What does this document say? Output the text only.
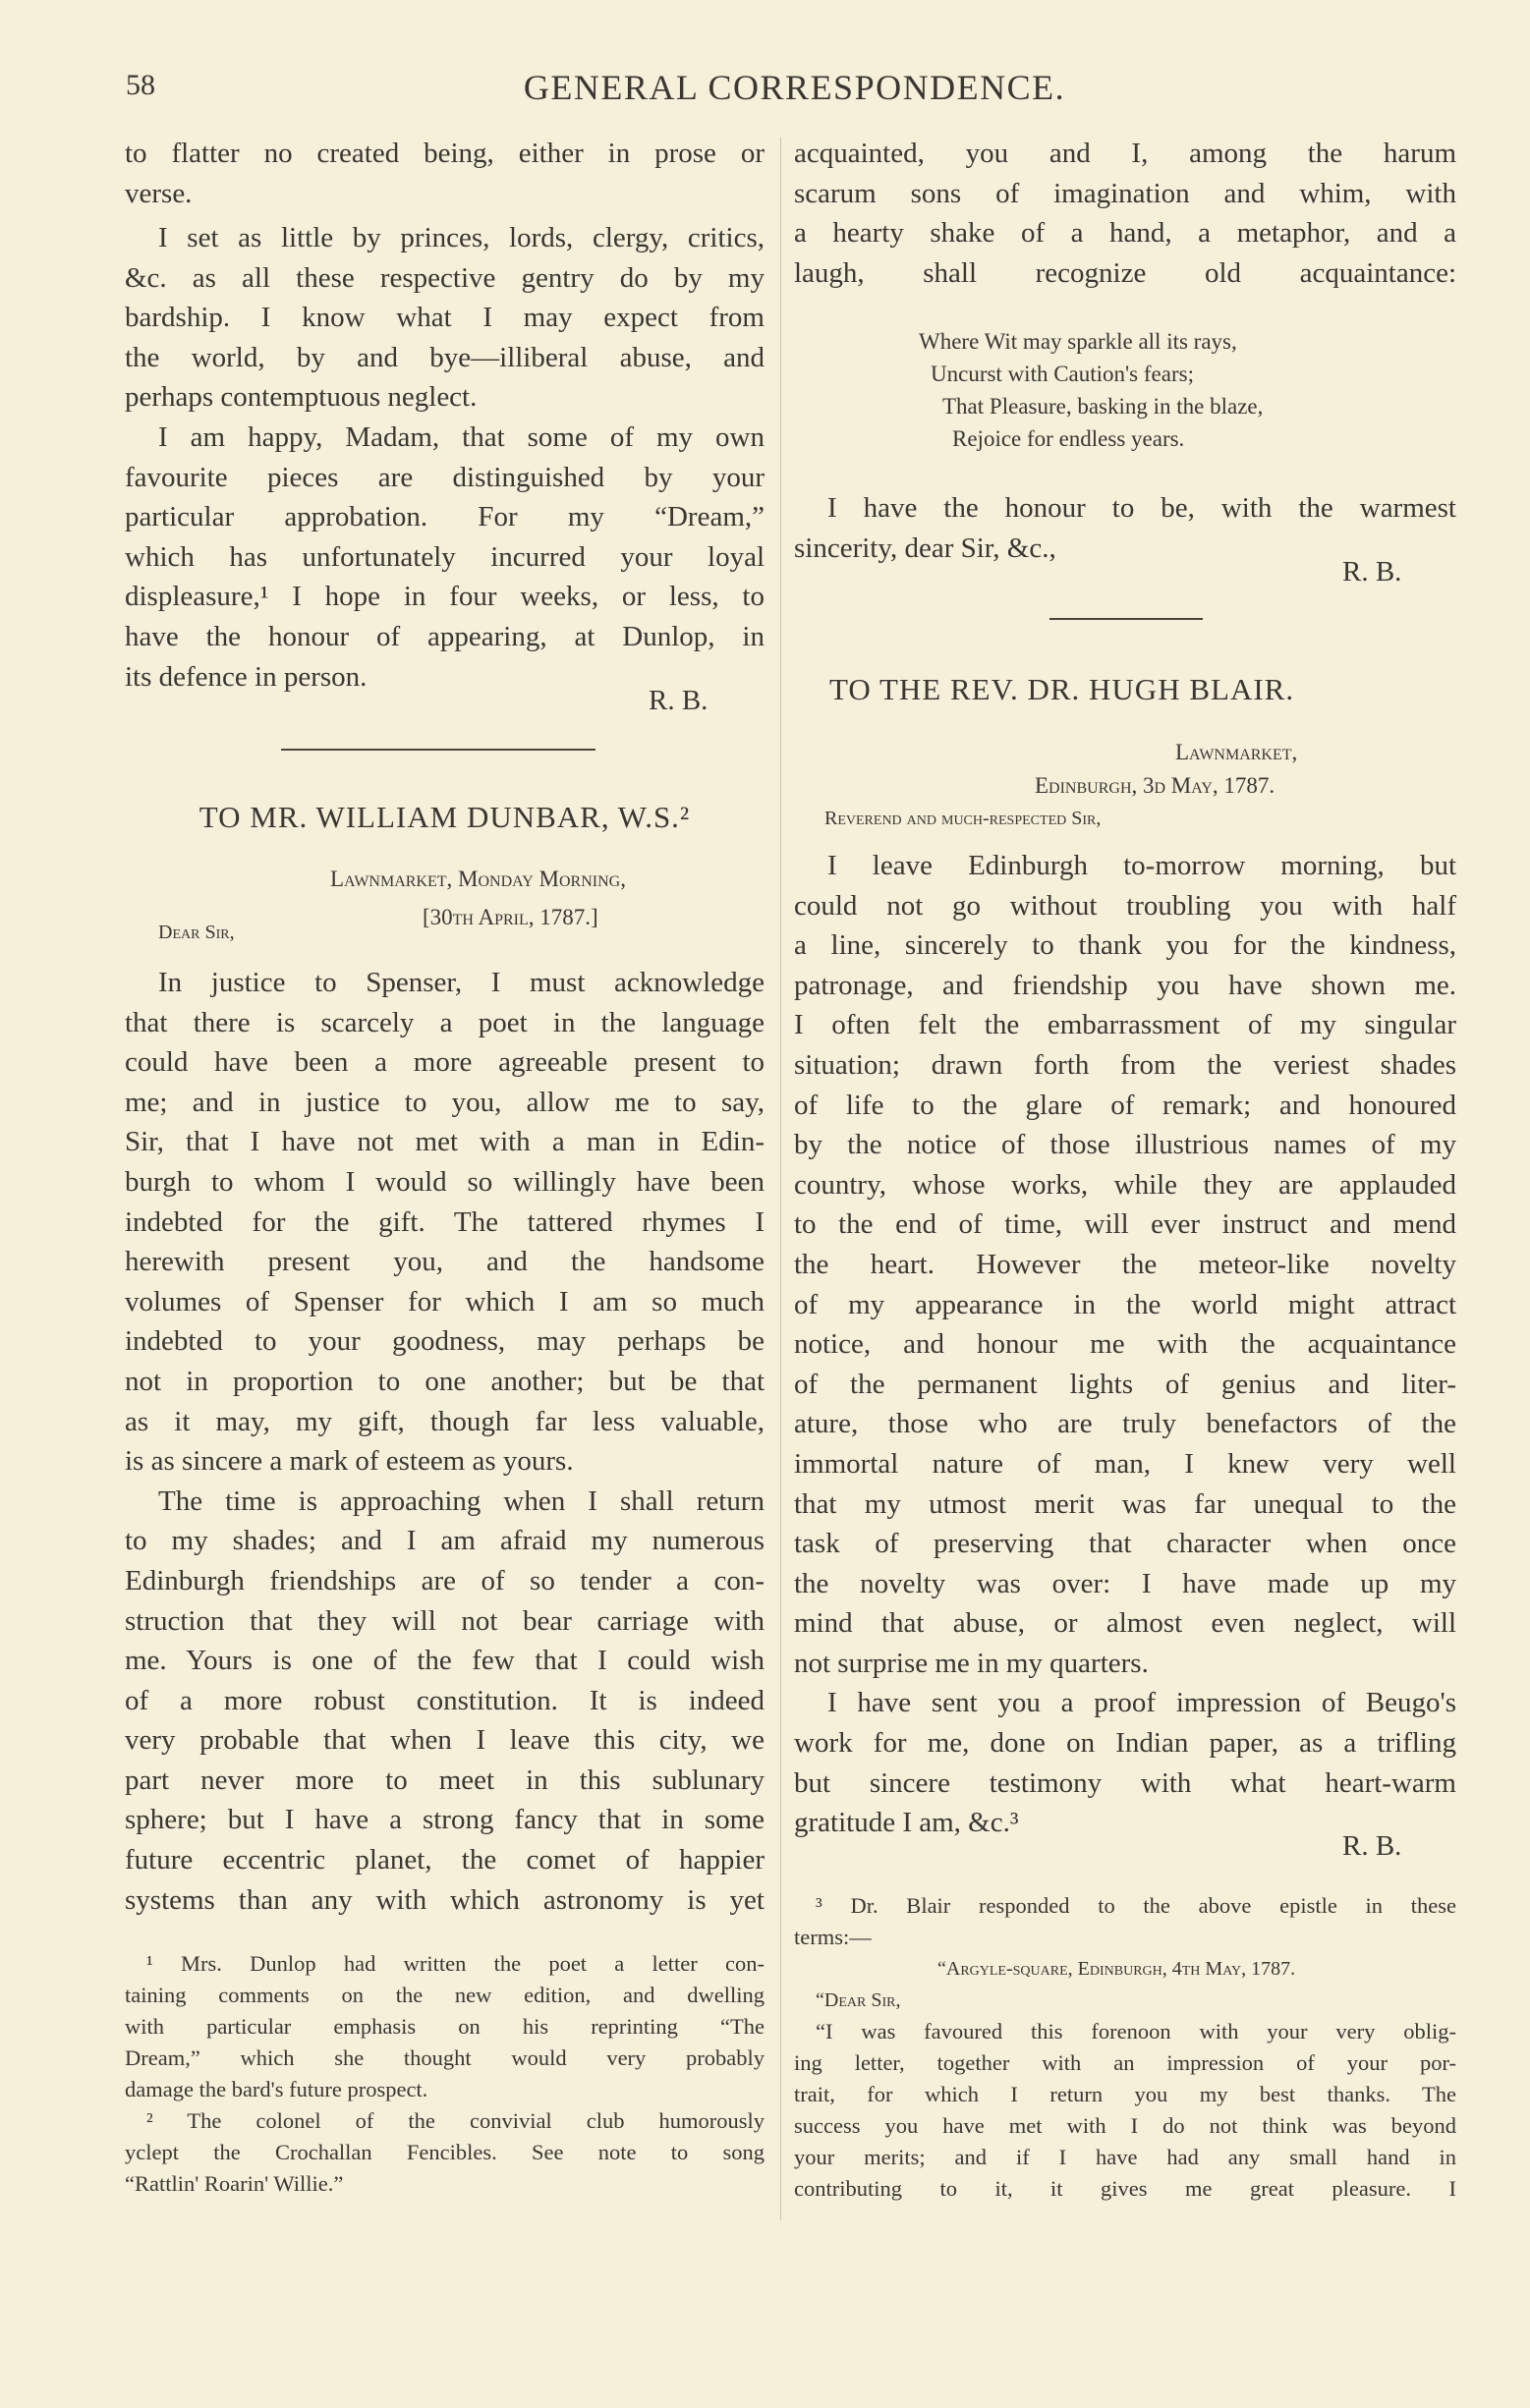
58	GENERAL CORRESPONDENCE.
to flatter no created being, either in prose or
verse.
I set as little by princes, lords, clergy, critics,
&c. as all these respective gentry do by my
bardship. I know what I may expect from
the world, by and bye—illiberal abuse, and
perhaps contemptuous neglect.
I am happy, Madam, that some of my own
favourite pieces are distinguished by your
particular approbation. For my “Dream,”
which has unfortunately incurred your loyal
displeasure,¹ I hope in four weeks, or less, to
have the honour of appearing, at Dunlop, in
its defence in person.
R. B.
TO MR. WILLIAM DUNBAR, W.S.²
Lawnmarket, Monday Morning,
[30th April, 1787.]
Dear Sir,
In justice to Spenser, I must acknowledge
that there is scarcely a poet in the language
could have been a more agreeable present to
me; and in justice to you, allow me to say,
Sir, that I have not met with a man in Edin-
burgh to whom I would so willingly have been
indebted for the gift. The tattered rhymes I
herewith present you, and the handsome
volumes of Spenser for which I am so much
indebted to your goodness, may perhaps be
not in proportion to one another; but be that
as it may, my gift, though far less valuable,
is as sincere a mark of esteem as yours.
The time is approaching when I shall return
to my shades; and I am afraid my numerous
Edinburgh friendships are of so tender a con-
struction that they will not bear carriage with
me. Yours is one of the few that I could wish
of a more robust constitution. It is indeed
very probable that when I leave this city, we
part never more to meet in this sublunary
sphere; but I have a strong fancy that in some
future eccentric planet, the comet of happier
systems than any with which astronomy is yet
¹ Mrs. Dunlop had written the poet a letter con-
taining comments on the new edition, and dwelling
with particular emphasis on his reprinting “The
Dream,” which she thought would very probably
damage the bard's future prospect.
² The colonel of the convivial club humorously
yclept the Crochallan Fencibles. See note to song
“Rattlin' Roarin' Willie.”
acquainted, you and I, among the harum
scarum sons of imagination and whim, with
a hearty shake of a hand, a metaphor, and a
laugh, shall recognize old acquaintance:
Where Wit may sparkle all its rays,
Uncurst with Caution's fears;
That Pleasure, basking in the blaze,
Rejoice for endless years.
I have the honour to be, with the warmest
sincerity, dear Sir, &c.,
R. B.
TO THE REV. DR. HUGH BLAIR.
Lawnmarket,
Edinburgh, 3d May, 1787.
Reverend and much-respected Sir,
I leave Edinburgh to-morrow morning, but
could not go without troubling you with half
a line, sincerely to thank you for the kindness,
patronage, and friendship you have shown me.
I often felt the embarrassment of my singular
situation; drawn forth from the veriest shades
of life to the glare of remark; and honoured
by the notice of those illustrious names of my
country, whose works, while they are applauded
to the end of time, will ever instruct and mend
the heart. However the meteor-like novelty
of my appearance in the world might attract
notice, and honour me with the acquaintance
of the permanent lights of genius and liter-
ature, those who are truly benefactors of the
immortal nature of man, I knew very well
that my utmost merit was far unequal to the
task of preserving that character when once
the novelty was over: I have made up my
mind that abuse, or almost even neglect, will
not surprise me in my quarters.
I have sent you a proof impression of Beugo's
work for me, done on Indian paper, as a trifling
but sincere testimony with what heart-warm
gratitude I am, &c.³
R. B.
³ Dr. Blair responded to the above epistle in these
terms:—
“Argyle-square, Edinburgh, 4th May, 1787.
“Dear Sir,
“I was favoured this forenoon with your very oblig-
ing letter, together with an impression of your por-
trait, for which I return you my best thanks. The
success you have met with I do not think was beyond
your merits; and if I have had any small hand in
contributing to it, it gives me great pleasure. I
